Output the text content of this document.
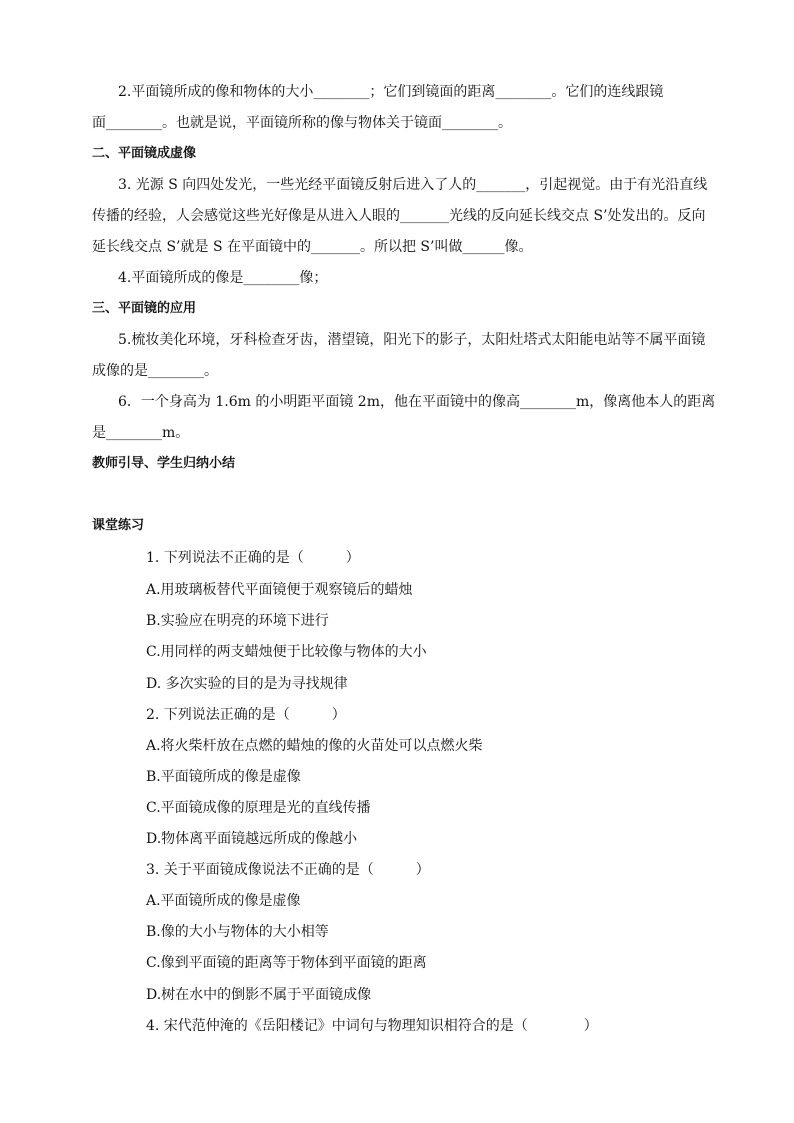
2.平面镜所成的像和物体的大小________；它们到镜面的距离________。它们的连线跟镜
面________。也就是说，平面镜所称的像与物体关于镜面________。
二、平面镜成虚像
3. 光源 S 向四处发光，一些光经平面镜反射后进入了人的_______，引起视觉。由于有光沿直线
传播的经验，人会感觉这些光好像是从进入人眼的_______光线的反向延长线交点 S’处发出的。反向
延长线交点 S’就是 S 在平面镜中的_______。所以把 S’叫做______像。
4.平面镜所成的像是________像；
三、平面镜的应用
5.梳妆美化环境，牙科检查牙齿，潜望镜，阳光下的影子，太阳灶塔式太阳能电站等不属平面镜
成像的是________。
6．一个身高为 1.6m 的小明距平面镜 2m，他在平面镜中的像高________m，像离他本人的距离
是________m。
教师引导、学生归纳小结
课堂练习
1. 下列说法不正确的是（　　　）
A.用玻璃板替代平面镜便于观察镜后的蜡烛
B.实验应在明亮的环境下进行
C.用同样的两支蜡烛便于比较像与物体的大小
D. 多次实验的目的是为寻找规律
2. 下列说法正确的是（　　　）
A.将火柴杆放在点燃的蜡烛的像的火苗处可以点燃火柴
B.平面镜所成的像是虚像
C.平面镜成像的原理是光的直线传播
D.物体离平面镜越远所成的像越小
3. 关于平面镜成像说法不正确的是（　　　）
A.平面镜所成的像是虚像
B.像的大小与物体的大小相等
C.像到平面镜的距离等于物体到平面镜的距离
D.树在水中的倒影不属于平面镜成像
4. 宋代范仲淹的《岳阳楼记》中词句与物理知识相符合的是（　　　　）
